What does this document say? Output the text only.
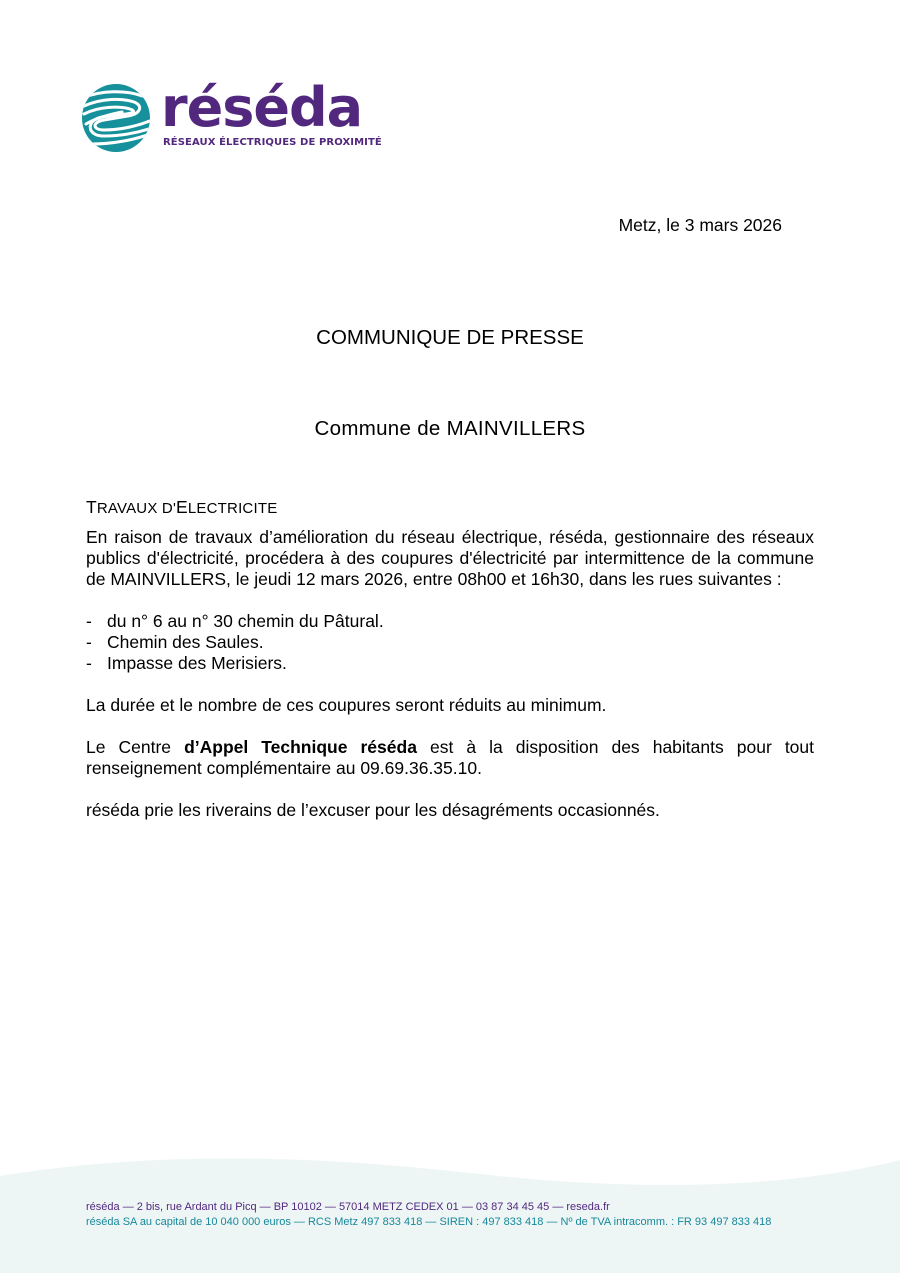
réséda
RÉSEAUX ÉLECTRIQUES DE PROXIMITÉ
Metz, le 3 mars 2026
COMMUNIQUE DE PRESSE
Commune de MAINVILLERS
TRAVAUX D'ELECTRICITE

En raison de travaux d’amélioration du réseau électrique, réséda, gestionnaire des réseaux publics d'électricité, procédera à des coupures d'électricité par intermittence de la commune de MAINVILLERS, le jeudi 12 mars 2026, entre 08h00 et 16h30, dans les rues suivantes :

- du n° 6 au n° 30 chemin du Pâtural.
- Chemin des Saules.
- Impasse des Merisiers.

La durée et le nombre de ces coupures seront réduits au minimum.

Le Centre d’Appel Technique réséda est à la disposition des habitants pour tout renseignement complémentaire au 09.69.36.35.10.

réséda prie les riverains de l’excuser pour les désagréments occasionnés.

réséda — 2 bis, rue Ardant du Picq — BP 10102 — 57014 METZ CEDEX 01 — 03 87 34 45 45 — reseda.fr
réséda SA au capital de 10 040 000 euros — RCS Metz 497 833 418 — SIREN : 497 833 418 — Nº de TVA intracomm. : FR 93 497 833 418
